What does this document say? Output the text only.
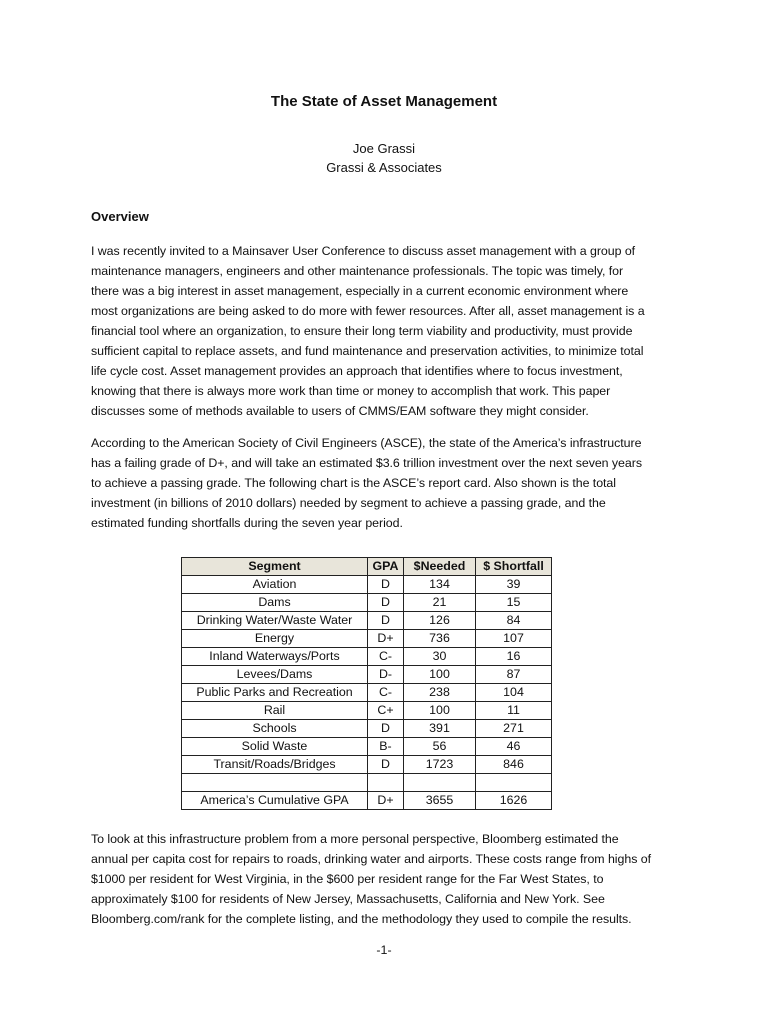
The State of Asset Management
Joe Grassi
Grassi & Associates
Overview

I was recently invited to a Mainsaver User Conference to discuss asset management with a group of
maintenance managers, engineers and other maintenance professionals. The topic was timely, for
there was a big interest in asset management, especially in a current economic environment where
most organizations are being asked to do more with fewer resources. After all, asset management is a
financial tool where an organization, to ensure their long term viability and productivity, must provide
sufficient capital to replace assets, and fund maintenance and preservation activities, to minimize total
life cycle cost. Asset management provides an approach that identifies where to focus investment,
knowing that there is always more work than time or money to accomplish that work. This paper
discusses some of methods available to users of CMMS/EAM software they might consider.

According to the American Society of Civil Engineers (ASCE), the state of the America’s infrastructure
has a failing grade of D+, and will take an estimated $3.6 trillion investment over the next seven years
to achieve a passing grade. The following chart is the ASCE’s report card. Also shown is the total
investment (in billions of 2010 dollars) needed by segment to achieve a passing grade, and the
estimated funding shortfalls during the seven year period.

Segment	GPA	$Needed	$ Shortfall
Aviation	D	134	39
Dams	D	21	15
Drinking Water/Waste Water	D	126	84
Energy	D+	736	107
Inland Waterways/Ports	C-	30	16
Levees/Dams	D-	100	87
Public Parks and Recreation	C-	238	104
Rail	C+	100	11
Schools	D	391	271
Solid Waste	B-	56	46
Transit/Roads/Bridges	D	1723	846

America’s Cumulative GPA	D+	3655	1626

To look at this infrastructure problem from a more personal perspective, Bloomberg estimated the
annual per capita cost for repairs to roads, drinking water and airports. These costs range from highs of
$1000 per resident for West Virginia, in the $600 per resident range for the Far West States, to
approximately $100 for residents of New Jersey, Massachusetts, California and New York. See
Bloomberg.com/rank for the complete listing, and the methodology they used to compile the results.

-1-
